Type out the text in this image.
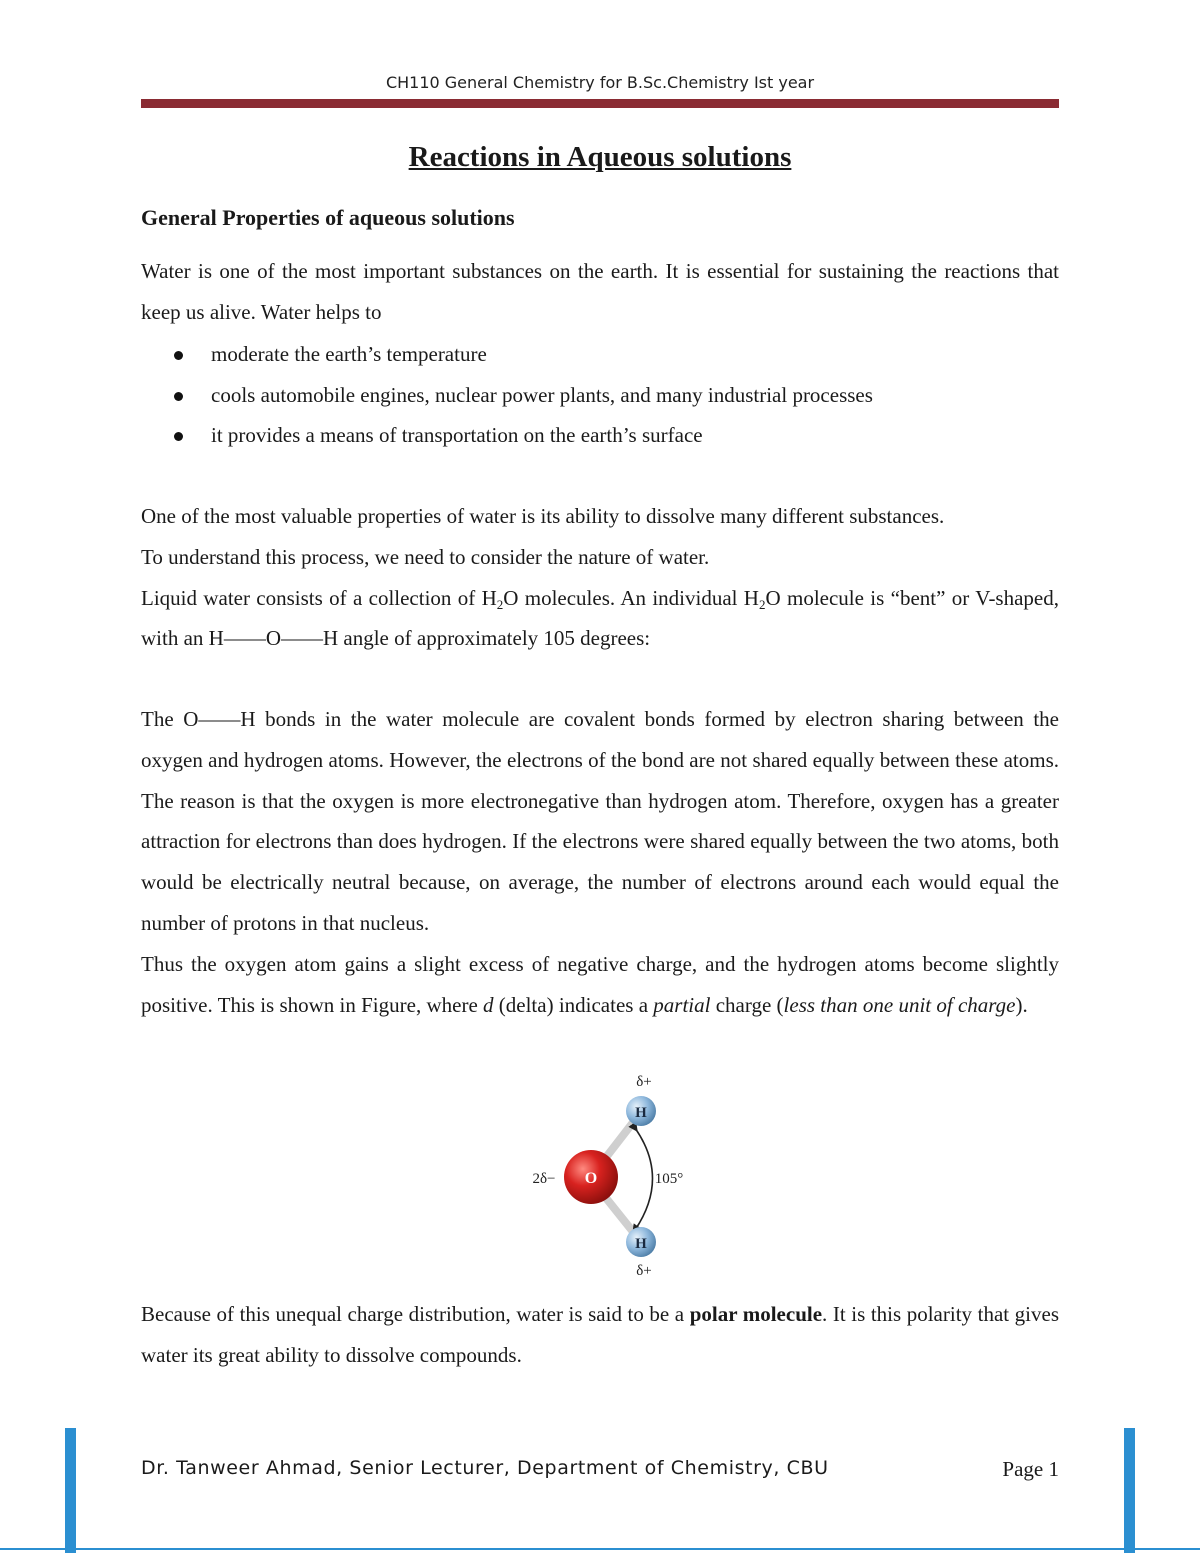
CH110 General Chemistry for B.Sc.Chemistry Ist year
Reactions in Aqueous solutions
General Properties of aqueous solutions
Water is one of the most important substances on the earth. It is essential for sustaining the reactions that keep us alive. Water helps to
moderate the earth’s temperature
cools automobile engines, nuclear power plants, and many industrial processes
it provides a means of transportation on the earth’s surface
One of the most valuable properties of water is its ability to dissolve many different substances.
To understand this process, we need to consider the nature of water.
Liquid water consists of a collection of $H_2O$ molecules. An individual $H_2O$ molecule is “bent” or V-shaped, with an H——O——H angle of approximately 105 degrees:
The O——H bonds in the water molecule are covalent bonds formed by electron sharing between the oxygen and hydrogen atoms. However, the electrons of the bond are not shared equally between these atoms. The reason is that the oxygen is more electronegative than hydrogen atom. Therefore, oxygen has a greater attraction for electrons than does hydrogen. If the electrons were shared equally between the two atoms, both would be electrically neutral because, on average, the number of electrons around each would equal the number of protons in that nucleus.
Thus the oxygen atom gains a slight excess of negative charge, and the hydrogen atoms become slightly positive. This is shown in Figure, where d (delta) indicates a partial charge (less than one unit of charge).
O
H
H
δ+
δ+
2δ−	105°
Because of this unequal charge distribution, water is said to be a polar molecule. It is this polarity that gives water its great ability to dissolve compounds.
Dr. Tanweer Ahmad, Senior Lecturer, Department of Chemistry, CBU	Page 1
